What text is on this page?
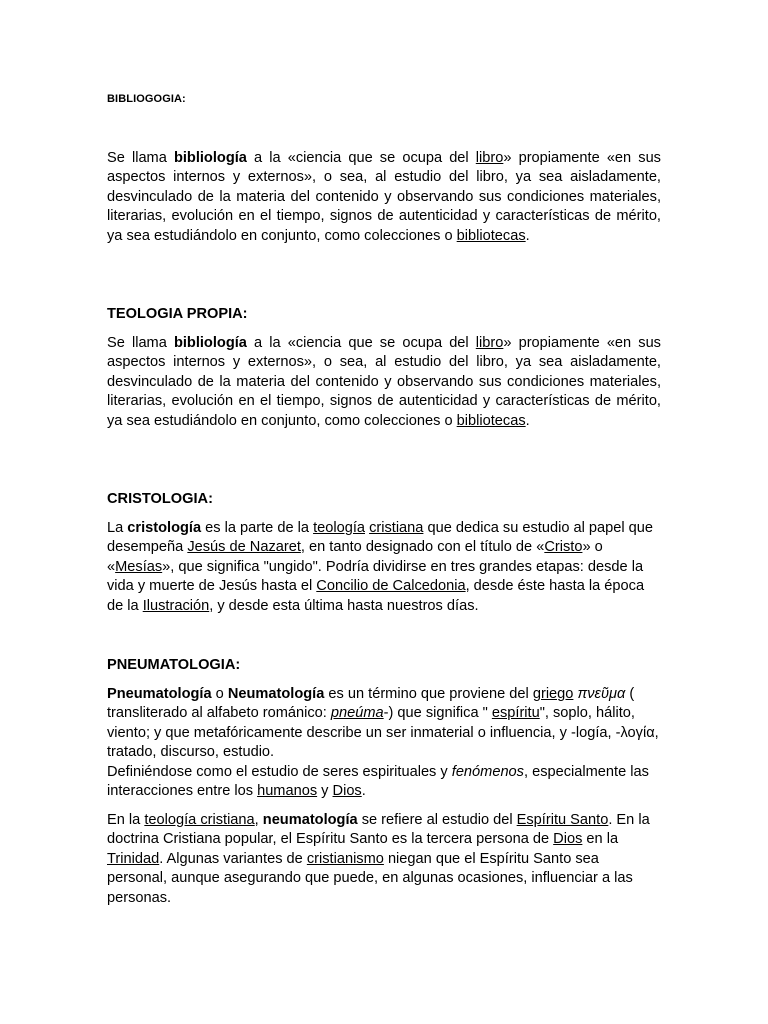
BIBLIOGOGIA:

Se llama bibliología a la «ciencia que se ocupa del libro» propiamente «en sus aspectos internos y externos», o sea, al estudio del libro, ya sea aisladamente, desvinculado de la materia del contenido y observando sus condiciones materiales, literarias, evolución en el tiempo, signos de autenticidad y características de mérito, ya sea estudiándolo en conjunto, como colecciones o bibliotecas.

TEOLOGIA PROPIA:

Se llama bibliología a la «ciencia que se ocupa del libro» propiamente «en sus aspectos internos y externos», o sea, al estudio del libro, ya sea aisladamente, desvinculado de la materia del contenido y observando sus condiciones materiales, literarias, evolución en el tiempo, signos de autenticidad y características de mérito, ya sea estudiándolo en conjunto, como colecciones o bibliotecas.

CRISTOLOGIA:

La cristología es la parte de la teología cristiana que dedica su estudio al papel que desempeña Jesús de Nazaret, en tanto designado con el título de «Cristo» o «Mesías», que significa "ungido". Podría dividirse en tres grandes etapas: desde la vida y muerte de Jesús hasta el Concilio de Calcedonia, desde éste hasta la época de la Ilustración, y desde esta última hasta nuestros días.

PNEUMATOLOGIA:

Pneumatología o Neumatología es un término que proviene del griego πνεῦμα ( transliterado al alfabeto románico: pneúma-) que significa " espíritu", soplo, hálito, viento; y que metafóricamente describe un ser inmaterial o influencia, y -logía, -λογία, tratado, discurso, estudio.

Definiéndose como el estudio de seres espirituales y fenómenos, especialmente las interacciones entre los humanos y Dios.

En la teología cristiana, neumatología se refiere al estudio del Espíritu Santo. En la doctrina Cristiana popular, el Espíritu Santo es la tercera persona de Dios en la Trinidad. Algunas variantes de cristianismo niegan que el Espíritu Santo sea personal, aunque asegurando que puede, en algunas ocasiones, influenciar a las personas.
